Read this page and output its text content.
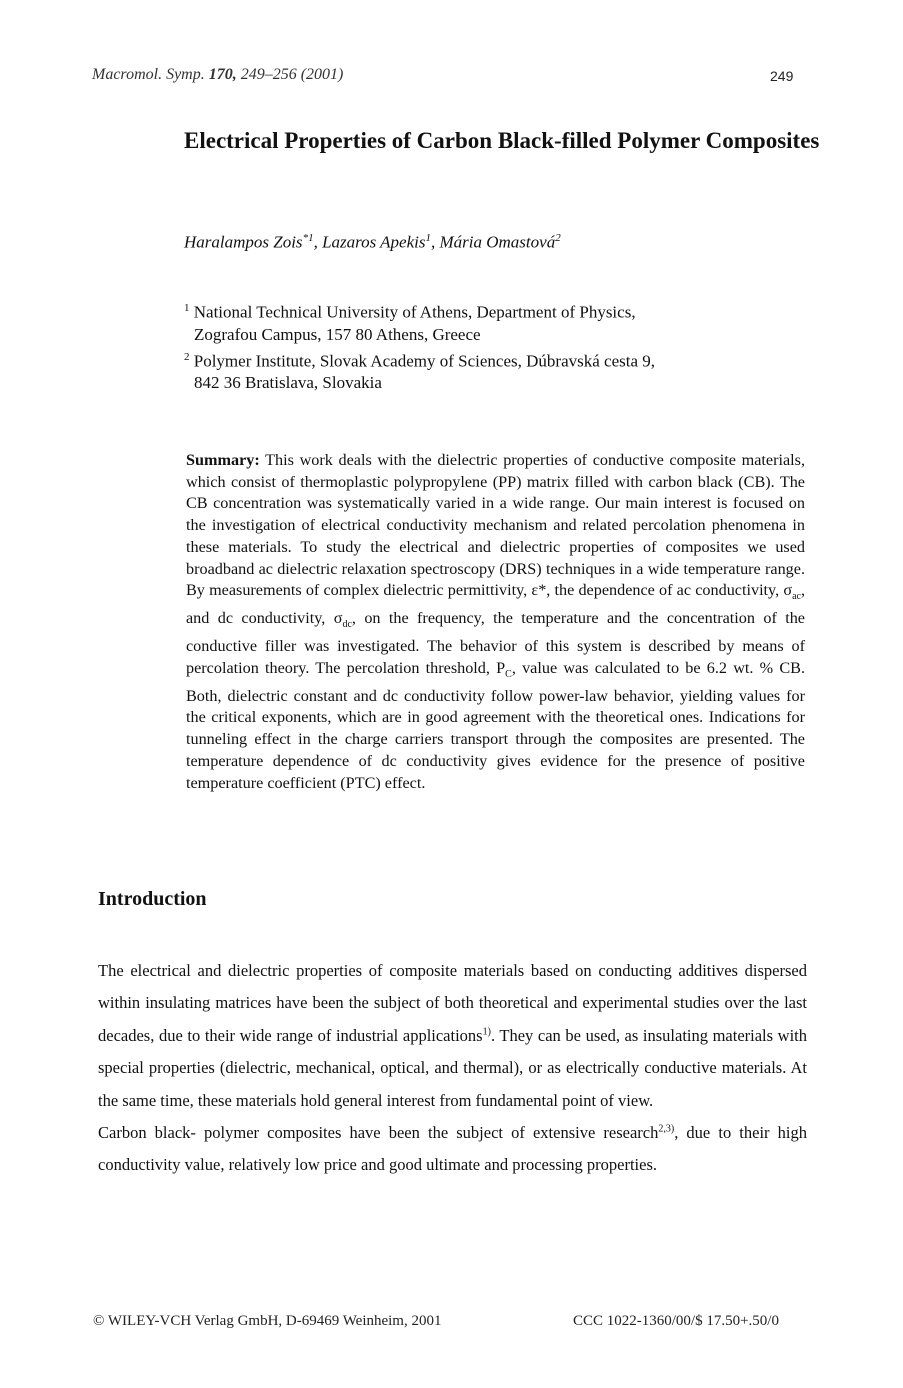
Macromol. Symp. 170, 249–256 (2001)	249
Electrical Properties of Carbon Black-filled Polymer Composites
Haralampos Zois$^{*1}$, Lazaros Apekis$^1$, Mária Omastová$^2$
$^1$ National Technical University of Athens, Department of Physics,
Zografou Campus, 157 80 Athens, Greece
$^2$ Polymer Institute, Slovak Academy of Sciences, Dúbravská cesta 9,
842 36 Bratislava, Slovakia
Summary: This work deals with the dielectric properties of conductive composite materials, which consist of thermoplastic polypropylene (PP) matrix filled with carbon black (CB). The CB concentration was systematically varied in a wide range. Our main interest is focused on the investigation of electrical conductivity mechanism and related percolation phenomena in these materials. To study the electrical and dielectric properties of composites we used broadband ac dielectric relaxation spectroscopy (DRS) techniques in a wide temperature range. By measurements of complex dielectric permittivity, ε*, the dependence of ac conductivity, $\sigma_{ac}$, and dc conductivity, $\sigma_{dc}$, on the frequency, the temperature and the concentration of the conductive filler was investigated. The behavior of this system is described by means of percolation theory. The percolation threshold, $P_C$, value was calculated to be 6.2 wt. % CB. Both, dielectric constant and dc conductivity follow power-law behavior, yielding values for the critical exponents, which are in good agreement with the theoretical ones. Indications for tunneling effect in the charge carriers transport through the composites are presented. The temperature dependence of dc conductivity gives evidence for the presence of positive temperature coefficient (PTC) effect.
Introduction

The electrical and dielectric properties of composite materials based on conducting additives dispersed within insulating matrices have been the subject of both theoretical and experimental studies over the last decades, due to their wide range of industrial applications$^{1)}$. They can be used, as insulating materials with special properties (dielectric, mechanical, optical, and thermal), or as electrically conductive materials. At the same time, these materials hold general interest from fundamental point of view.

Carbon black- polymer composites have been the subject of extensive research$^{2,3)}$, due to their high conductivity value, relatively low price and good ultimate and processing properties.

© WILEY-VCH Verlag GmbH, D-69469 Weinheim, 2001	CCC 1022-1360/00/$ 17.50+.50/0
